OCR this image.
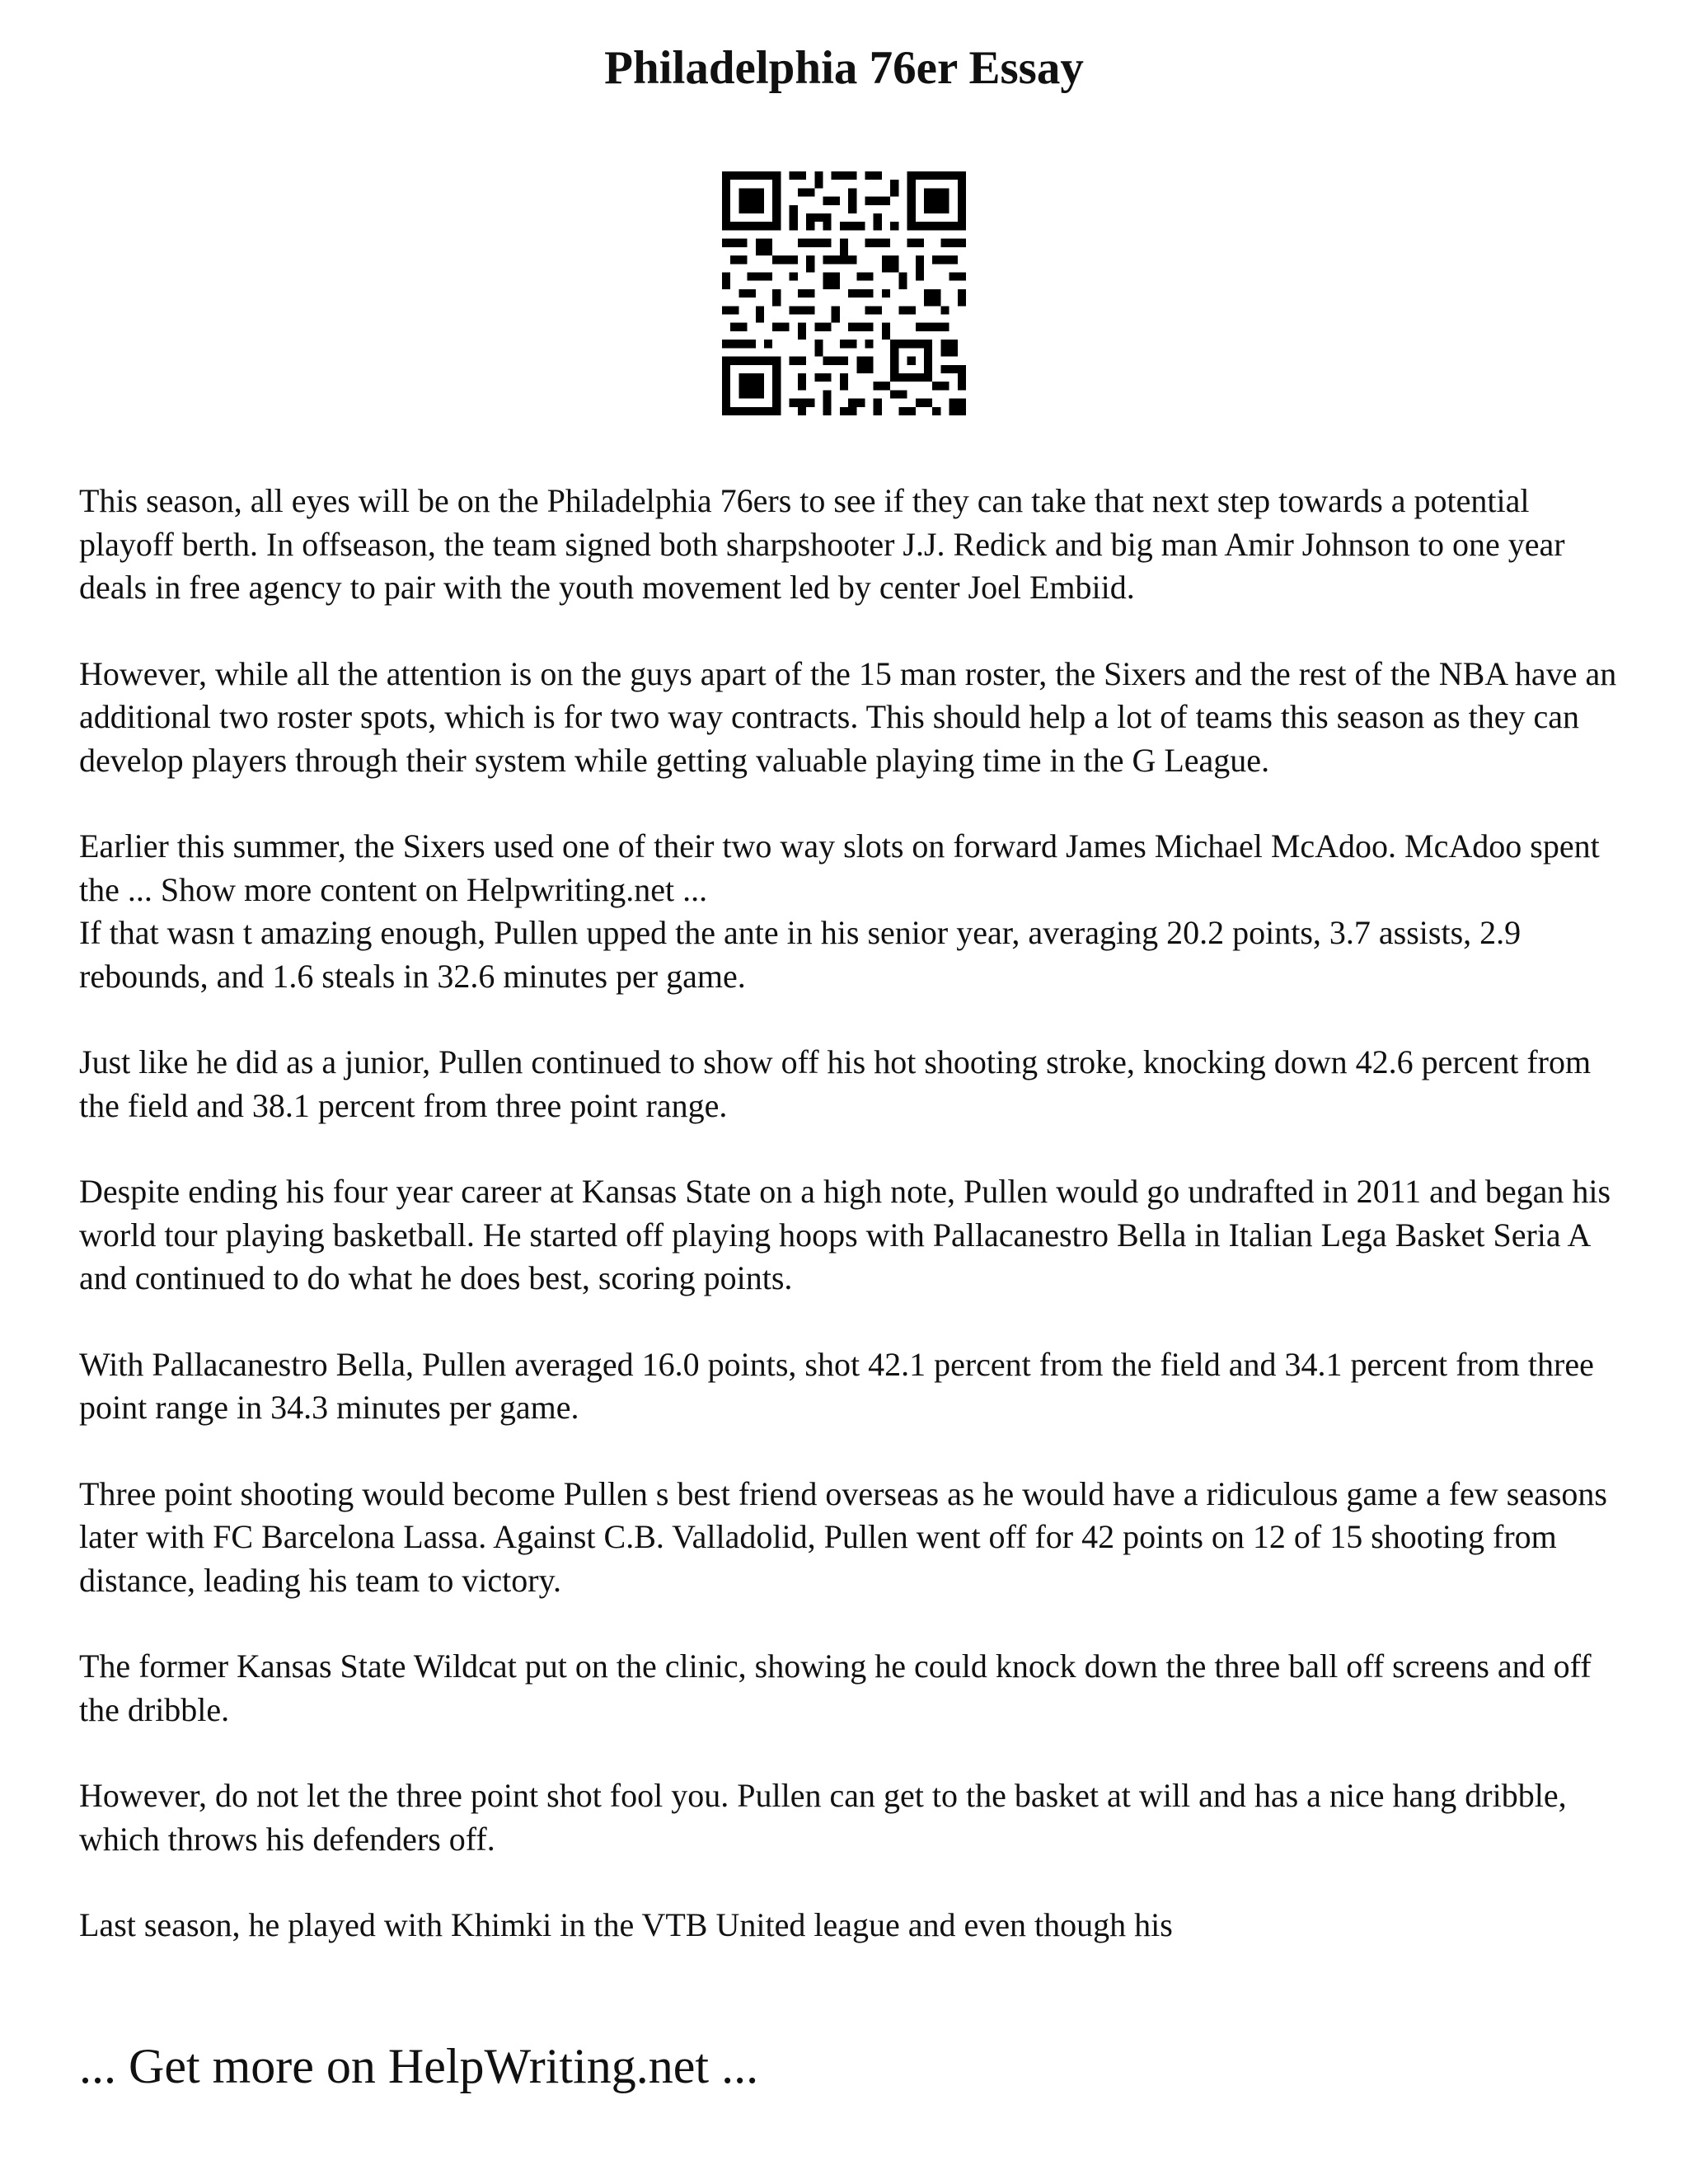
Philadelphia 76er Essay

This season, all eyes will be on the Philadelphia 76ers to see if they can take that next step towards a potential playoff berth. In offseason, the team signed both sharpshooter J.J. Redick and big man Amir Johnson to one year deals in free agency to pair with the youth movement led by center Joel Embiid.

However, while all the attention is on the guys apart of the 15 man roster, the Sixers and the rest of the NBA have an additional two roster spots, which is for two way contracts. This should help a lot of teams this season as they can develop players through their system while getting valuable playing time in the G League.

Earlier this summer, the Sixers used one of their two way slots on forward James Michael McAdoo. McAdoo spent the ... Show more content on Helpwriting.net ...

If that wasn t amazing enough, Pullen upped the ante in his senior year, averaging 20.2 points, 3.7 assists, 2.9 rebounds, and 1.6 steals in 32.6 minutes per game.

Just like he did as a junior, Pullen continued to show off his hot shooting stroke, knocking down 42.6 percent from the field and 38.1 percent from three point range.

Despite ending his four year career at Kansas State on a high note, Pullen would go undrafted in 2011 and began his world tour playing basketball. He started off playing hoops with Pallacanestro Bella in Italian Lega Basket Seria A and continued to do what he does best, scoring points.

With Pallacanestro Bella, Pullen averaged 16.0 points, shot 42.1 percent from the field and 34.1 percent from three point range in 34.3 minutes per game.

Three point shooting would become Pullen s best friend overseas as he would have a ridiculous game a few seasons later with FC Barcelona Lassa. Against C.B. Valladolid, Pullen went off for 42 points on 12 of 15 shooting from distance, leading his team to victory.

The former Kansas State Wildcat put on the clinic, showing he could knock down the three ball off screens and off the dribble.

However, do not let the three point shot fool you. Pullen can get to the basket at will and has a nice hang dribble, which throws his defenders off.

Last season, he played with Khimki in the VTB United league and even though his

... Get more on HelpWriting.net ...
